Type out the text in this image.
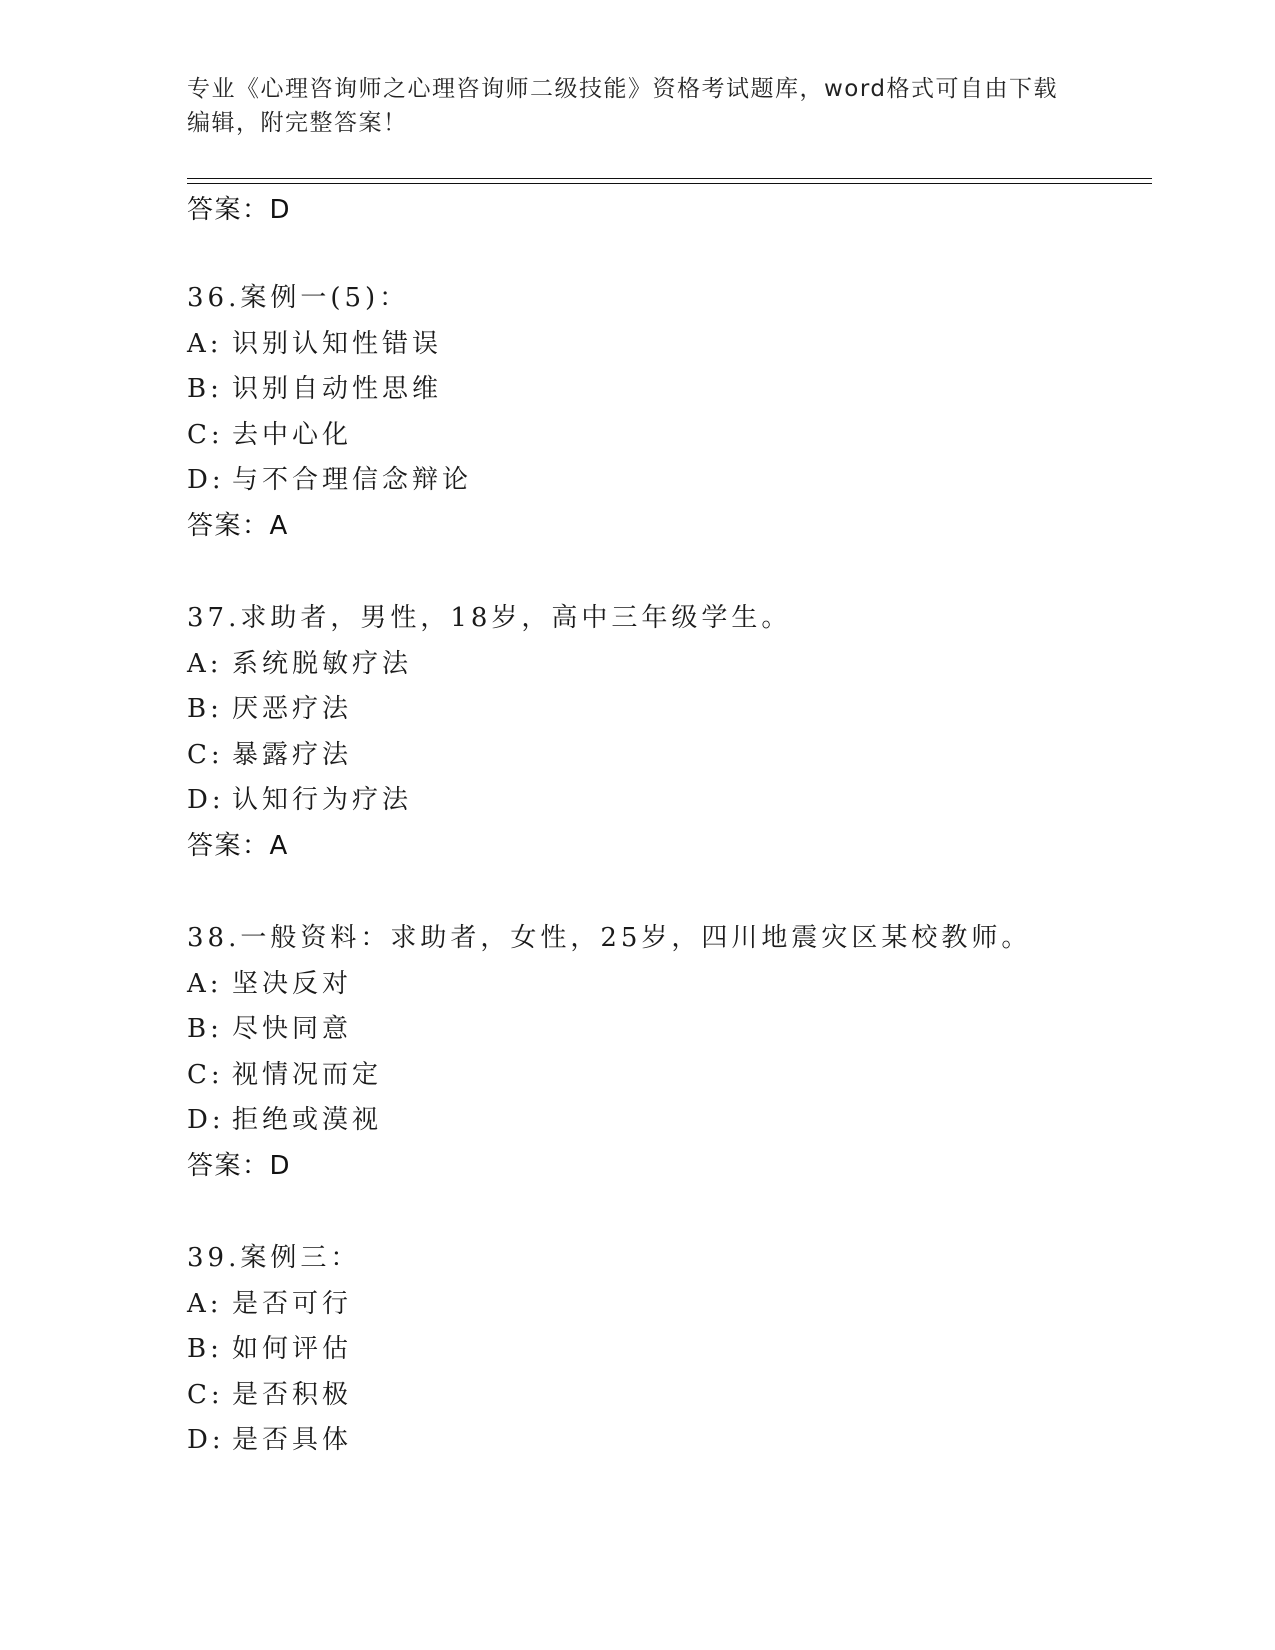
专业《心理咨询师之心理咨询师二级技能》资格考试题库，word格式可自由下载
编辑，附完整答案！
答案：D
36.案例一(5)：
A: 识别认知性错误
B: 识别自动性思维
C: 去中心化
D: 与不合理信念辩论
答案：A
37.求助者，男性，18岁，高中三年级学生。
A: 系统脱敏疗法
B: 厌恶疗法
C: 暴露疗法
D: 认知行为疗法
答案：A
38.一般资料：求助者，女性，25岁，四川地震灾区某校教师。
A: 坚决反对
B: 尽快同意
C: 视情况而定
D: 拒绝或漠视
答案：D
39.案例三：
A: 是否可行
B: 如何评估
C: 是否积极
D: 是否具体
